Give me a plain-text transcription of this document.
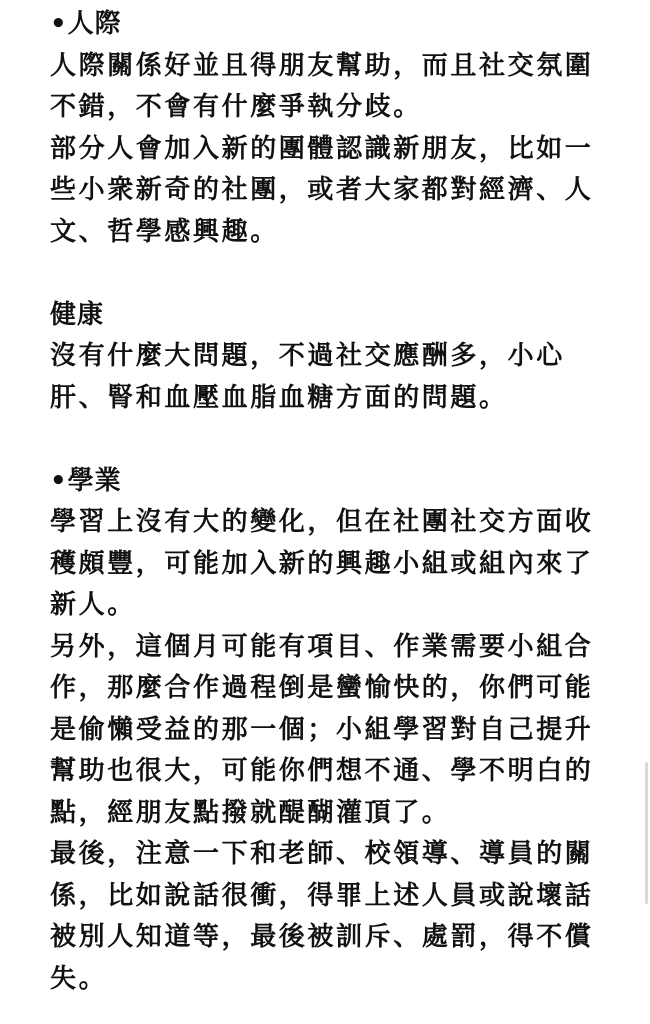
•人際
人際關係好並且得朋友幫助，而且社交氛圍
不錯，不會有什麼爭執分歧。
部分人會加入新的團體認識新朋友，比如一
些小衆新奇的社團，或者大家都對經濟、人
文、哲學感興趣。
健康
沒有什麼大問題，不過社交應酬多，小心
肝、腎和血壓血脂血糖方面的問題。
•學業
學習上沒有大的變化，但在社團社交方面收
穫頗豐，可能加入新的興趣小組或組內來了
新人。
另外，這個月可能有項目、作業需要小組合
作，那麼合作過程倒是蠻愉快的，你們可能
是偷懶受益的那一個；小組學習對自己提升
幫助也很大，可能你們想不通、學不明白的
點，經朋友點撥就醍醐灌頂了。
最後，注意一下和老師、校領導、導員的關
係，比如說話很衝，得罪上述人員或說壞話
被別人知道等，最後被訓斥、處罰，得不償
失。
